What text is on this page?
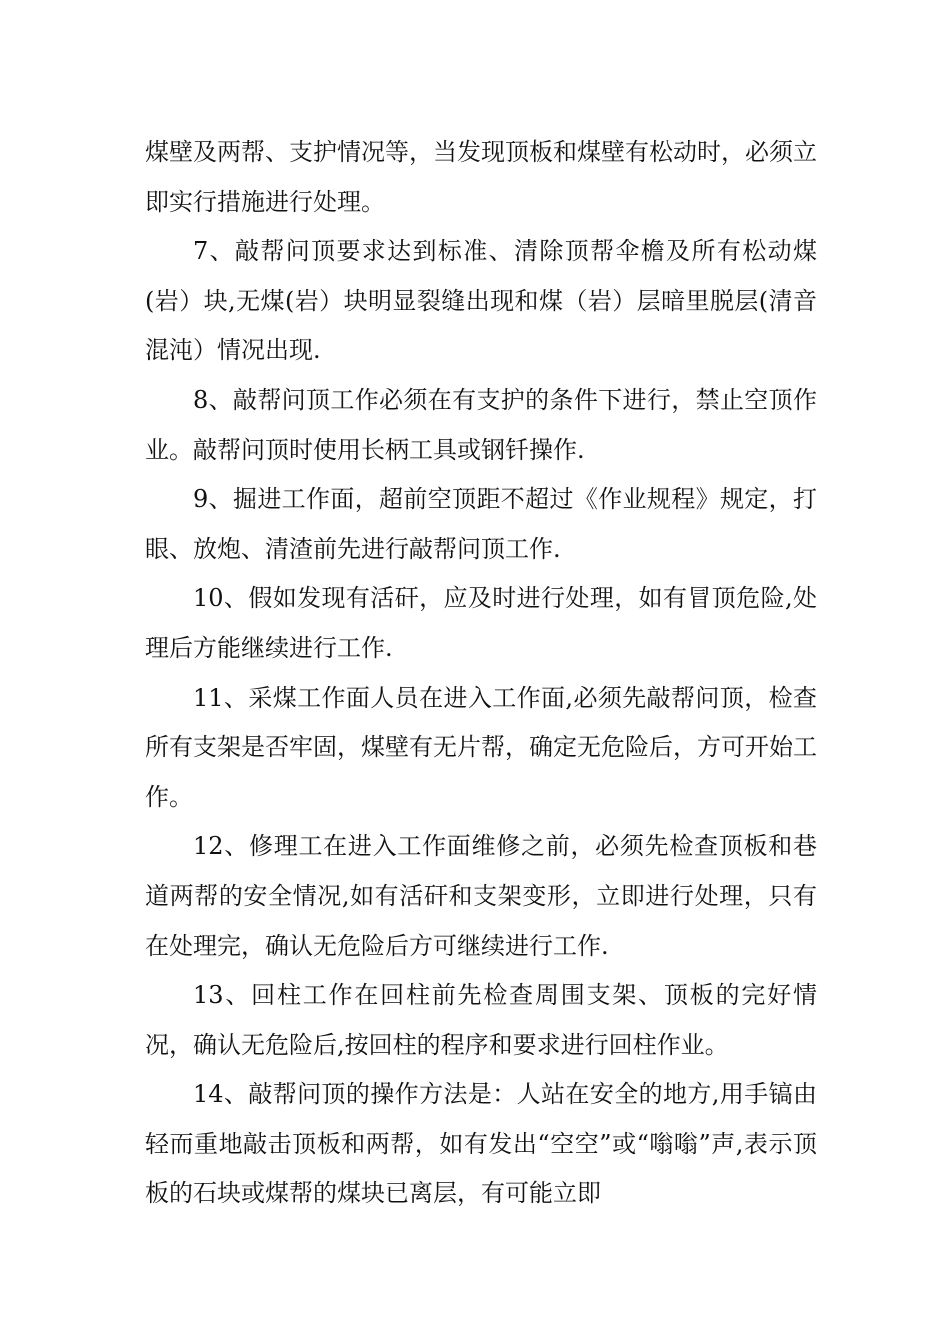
煤壁及两帮、支护情况等，当发现顶板和煤壁有松动时，必须立即实行措施进行处理。

7、敲帮问顶要求达到标准、清除顶帮伞檐及所有松动煤(岩）块,无煤(岩）块明显裂缝出现和煤（岩）层暗里脱层(清音混沌）情况出现.

8、敲帮问顶工作必须在有支护的条件下进行，禁止空顶作业。敲帮问顶时使用长柄工具或钢钎操作.

9、掘进工作面，超前空顶距不超过《作业规程》规定，打眼、放炮、清渣前先进行敲帮问顶工作.

10、假如发现有活矸，应及时进行处理，如有冒顶危险,处理后方能继续进行工作.

11、采煤工作面人员在进入工作面,必须先敲帮问顶，检查所有支架是否牢固，煤壁有无片帮，确定无危险后，方可开始工作。

12、修理工在进入工作面维修之前，必须先检查顶板和巷道两帮的安全情况,如有活矸和支架变形，立即进行处理，只有在处理完，确认无危险后方可继续进行工作.

13、回柱工作在回柱前先检查周围支架、顶板的完好情况，确认无危险后,按回柱的程序和要求进行回柱作业。

14、敲帮问顶的操作方法是：人站在安全的地方,用手镐由轻而重地敲击顶板和两帮，如有发出“空空”或“嗡嗡”声,表示顶板的石块或煤帮的煤块已离层，有可能立即
